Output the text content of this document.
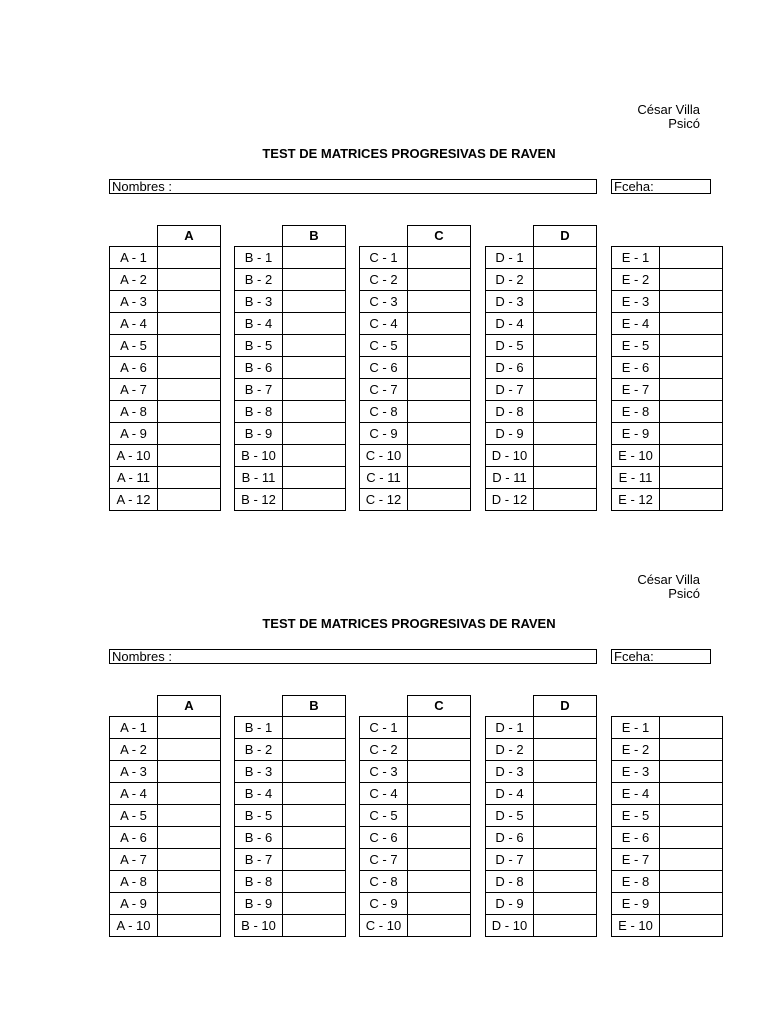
César Villa
Psicó
TEST DE MATRICES PROGRESIVAS DE RAVEN
Nombres :	Fceha:
A
A - 1
A - 2
A - 3
A - 4
A - 5
A - 6
A - 7
A - 8
A - 9
A - 10
A - 11
A - 12
B
B - 1
B - 2
B - 3
B - 4
B - 5
B - 6
B - 7
B - 8
B - 9
B - 10
B - 11
B - 12
C
C - 1
C - 2
C - 3
C - 4
C - 5
C - 6
C - 7
C - 8
C - 9
C - 10
C - 11
C - 12
D
D - 1
D - 2
D - 3
D - 4
D - 5
D - 6
D - 7
D - 8
D - 9
D - 10
D - 11
D - 12
E - 1
E - 2
E - 3
E - 4
E - 5
E - 6
E - 7
E - 8
E - 9
E - 10
E - 11
E - 12
César Villa
Psicó
TEST DE MATRICES PROGRESIVAS DE RAVEN
Nombres :	Fceha:
A
A - 1
A - 2
A - 3
A - 4
A - 5
A - 6
A - 7
A - 8
A - 9
A - 10
B
B - 1
B - 2
B - 3
B - 4
B - 5
B - 6
B - 7
B - 8
B - 9
B - 10
C
C - 1
C - 2
C - 3
C - 4
C - 5
C - 6
C - 7
C - 8
C - 9
C - 10
D
D - 1
D - 2
D - 3
D - 4
D - 5
D - 6
D - 7
D - 8
D - 9
D - 10
E - 1
E - 2
E - 3
E - 4
E - 5
E - 6
E - 7
E - 8
E - 9
E - 10
